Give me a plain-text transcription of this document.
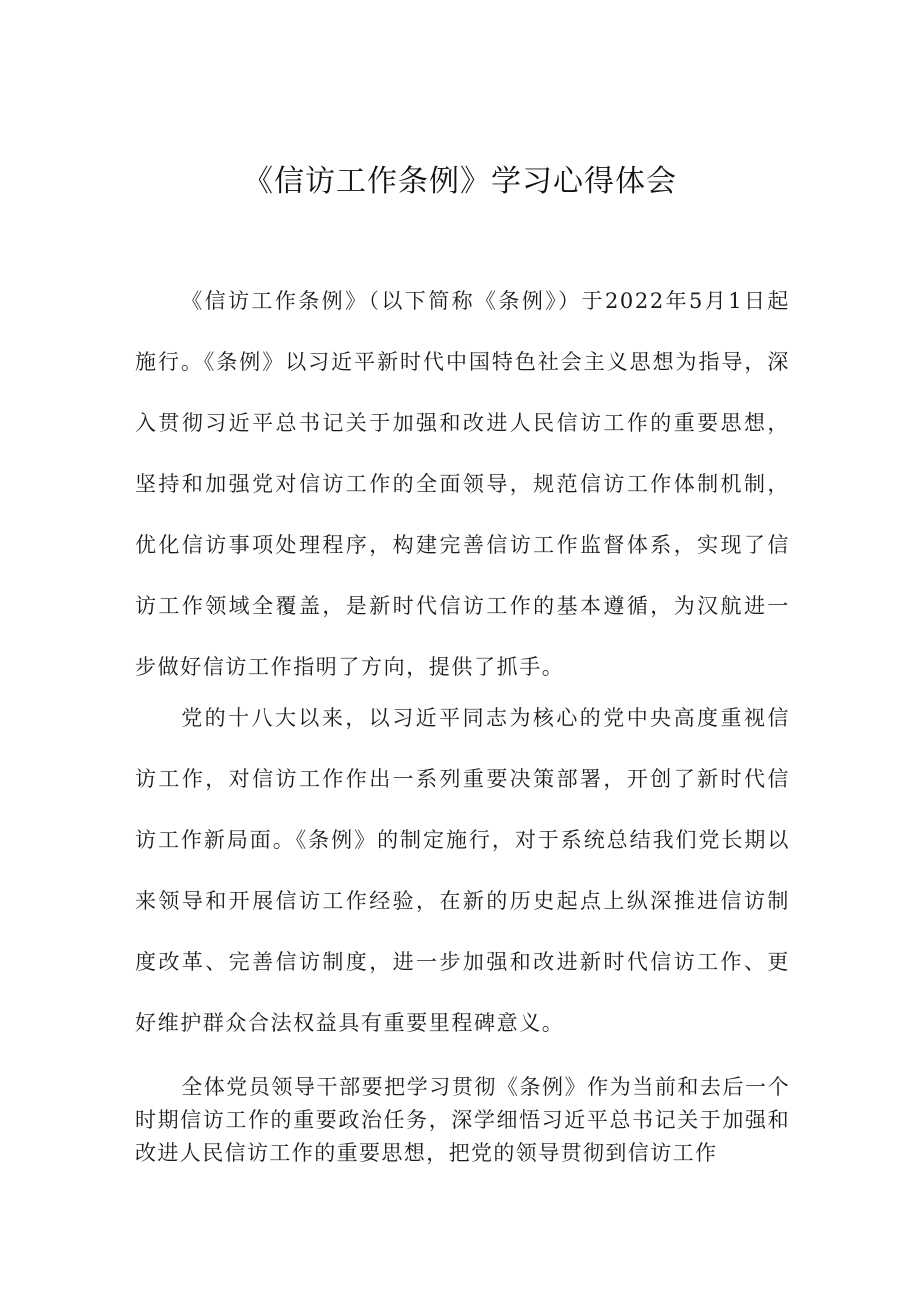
《信访工作条例》学习心得体会

《信访工作条例》（以下简称《条例》）于2022年5月1日起施行。《条例》以习近平新时代中国特色社会主义思想为指导，深入贯彻习近平总书记关于加强和改进人民信访工作的重要思想，坚持和加强党对信访工作的全面领导，规范信访工作体制机制，优化信访事项处理程序，构建完善信访工作监督体系，实现了信访工作领域全覆盖，是新时代信访工作的基本遵循，为汉航进一步做好信访工作指明了方向，提供了抓手。

党的十八大以来，以习近平同志为核心的党中央高度重视信访工作，对信访工作作出一系列重要决策部署，开创了新时代信访工作新局面。《条例》的制定施行，对于系统总结我们党长期以来领导和开展信访工作经验，在新的历史起点上纵深推进信访制度改革、完善信访制度，进一步加强和改进新时代信访工作、更好维护群众合法权益具有重要里程碑意义。

全体党员领导干部要把学习贯彻《条例》作为当前和去后一个时期信访工作的重要政治任务，深学细悟习近平总书记关于加强和改进人民信访工作的重要思想，把党的领导贯彻到信访工作
